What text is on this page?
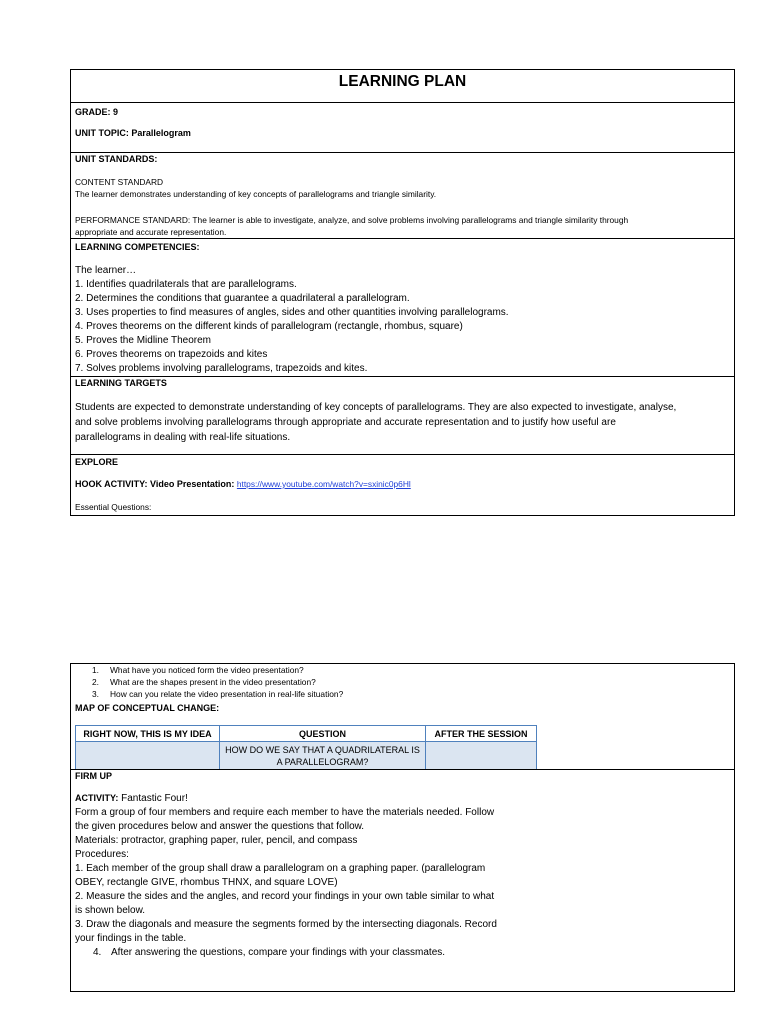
LEARNING PLAN
GRADE: 9
UNIT TOPIC: Parallelogram
UNIT STANDARDS:
CONTENT STANDARD
The learner demonstrates understanding of key concepts of parallelograms and triangle similarity.
PERFORMANCE STANDARD: The learner is able to investigate, analyze, and solve problems involving parallelograms and triangle similarity through
appropriate and accurate representation.
LEARNING COMPETENCIES:
The learner…
1. Identifies quadrilaterals that are parallelograms.
2. Determines the conditions that guarantee a quadrilateral a parallelogram.
3. Uses properties to find measures of angles, sides and other quantities involving parallelograms.
4. Proves theorems on the different kinds of parallelogram (rectangle, rhombus, square)
5. Proves the Midline Theorem
6. Proves theorems on trapezoids and kites
7. Solves problems involving parallelograms, trapezoids and kites.
LEARNING TARGETS
Students are expected to demonstrate understanding of key concepts of parallelograms. They are also expected to investigate, analyse,
and solve problems involving parallelograms through appropriate and accurate representation and to justify how useful are
parallelograms in dealing with real-life situations.
EXPLORE
HOOK ACTIVITY: Video Presentation: https://www.youtube.com/watch?v=sxinic0p6Hl
Essential Questions:
1. What have you noticed form the video presentation?
2. What are the shapes present in the video presentation?
3. How can you relate the video presentation in real-life situation?
MAP OF CONCEPTUAL CHANGE:
RIGHT NOW, THIS IS MY IDEA	QUESTION	AFTER THE SESSION
	HOW DO WE SAY THAT A QUADRILATERAL IS A PARALLELOGRAM?	
FIRM UP
ACTIVITY: Fantastic Four!
Form a group of four members and require each member to have the materials needed. Follow
the given procedures below and answer the questions that follow.
Materials: protractor, graphing paper, ruler, pencil, and compass
Procedures:
1. Each member of the group shall draw a parallelogram on a graphing paper. (parallelogram
OBEY, rectangle GIVE, rhombus THNX, and square LOVE)
2. Measure the sides and the angles, and record your findings in your own table similar to what
is shown below.
3. Draw the diagonals and measure the segments formed by the intersecting diagonals. Record
your findings in the table.
4. After answering the questions, compare your findings with your classmates.
